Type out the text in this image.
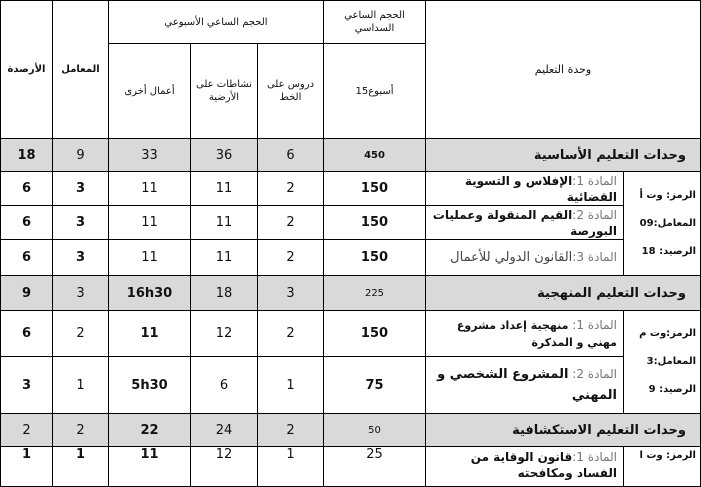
الأرصدة	المعامل	الحجم الساعي الأسبوعي			الحجم الساعي السداسي	وحدة التعليم	
		أعمال أخرى	نشاطات على الأرضية	دروس على الخط	15أسبوع		
18	9	33	36	6	450	وحدات التعليم الأساسية	
6	3	11	11	2	150	المادة 1:الإفلاس و التسوية القضائية	الرمز: وت أ
المعامل:09
الرصيد: 18

6	3	11	11	2	150	المادة 2:القيم المنقولة وعمليات البورصة	
6	3	11	11	2	150	المادة 3:القانون الدولي للأعمال	
9	3	16h30	18	3	225	وحدات التعليم المنهجية	
6	2	11	12	2	150	المادة 1: منهجية إعداد مشروع مهني و المذكرة	الرمز:وت م
المعامل:3
الرصيد: 9

3	1	5h30	6	1	75	المادة 2: المشروع الشخصي و المهني	
2	2	22	24	2	50	وحدات التعليم الاستكشافية	
1	1	11	12	1	25	المادة 1:قانون الوقاية من الفساد ومكافحته	الرمز: وت ا
